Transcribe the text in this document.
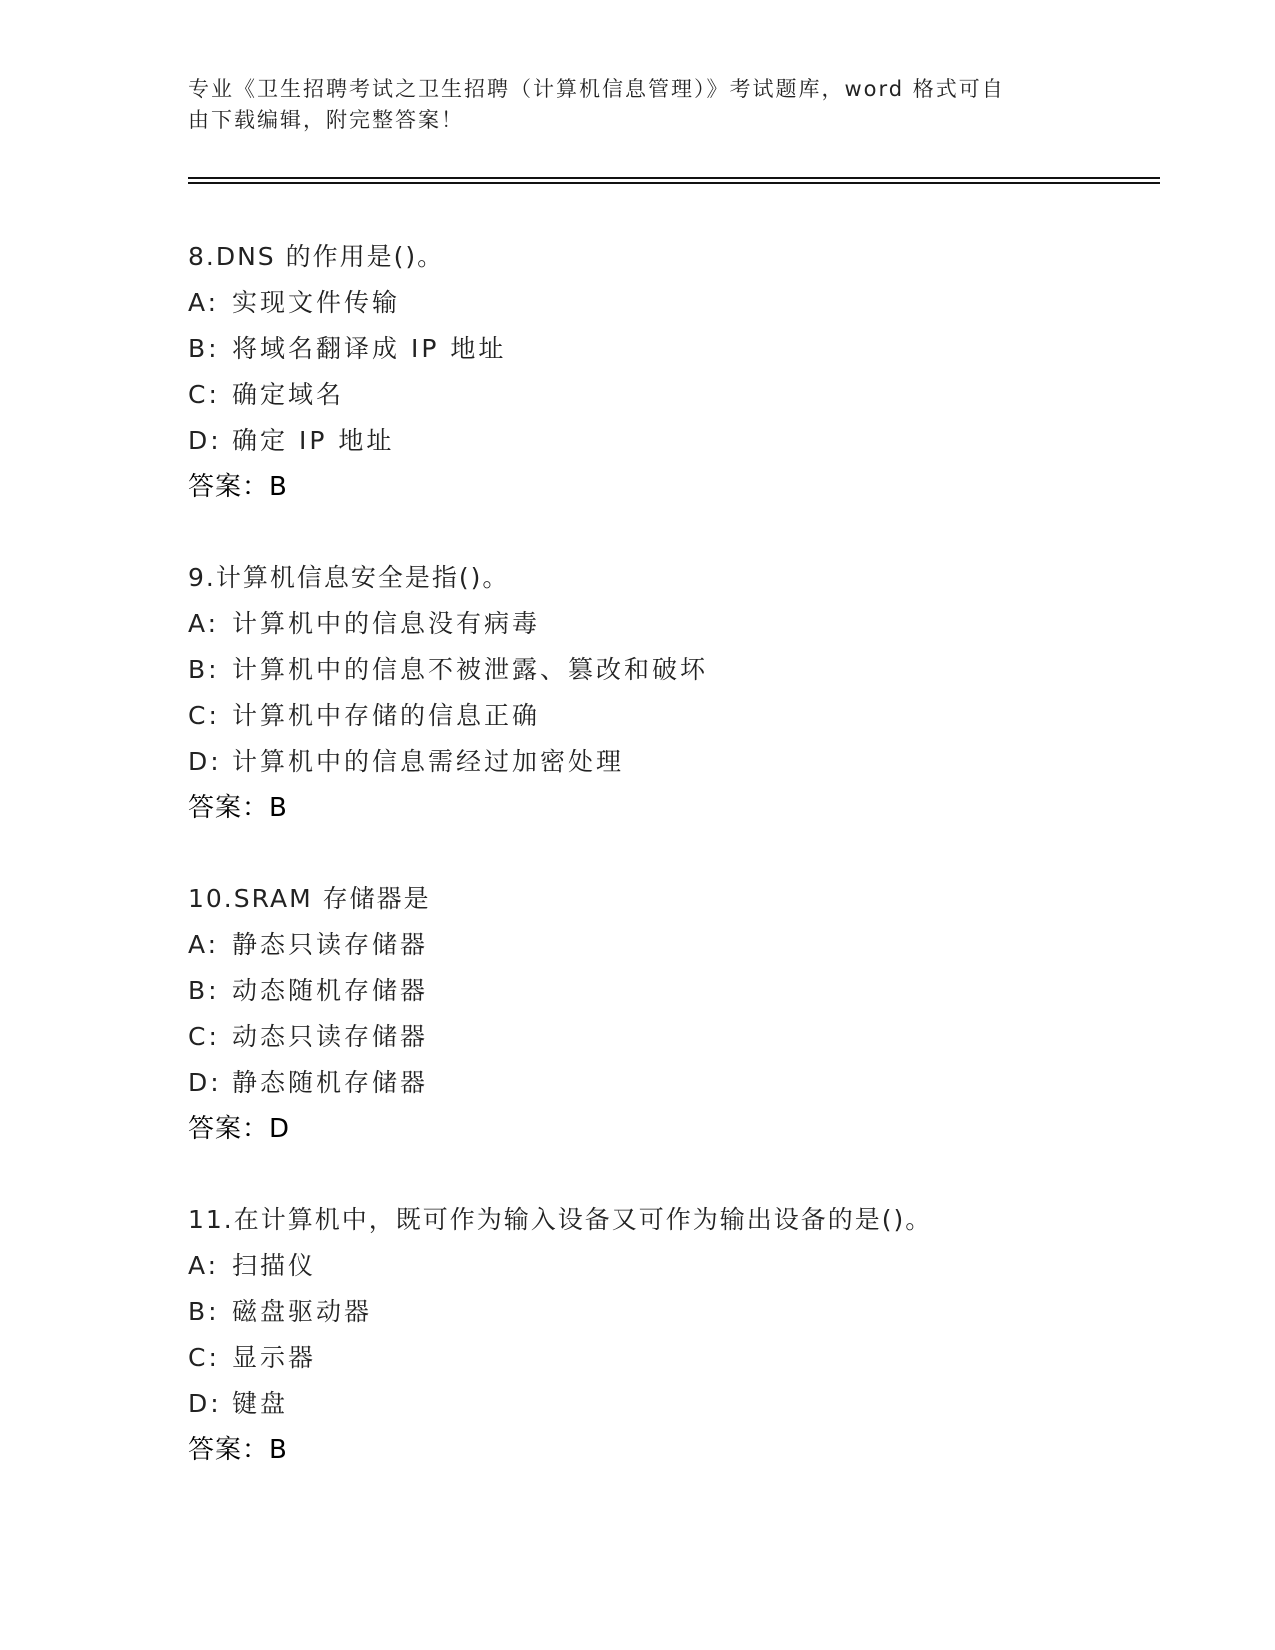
专业《卫生招聘考试之卫生招聘（计算机信息管理）》考试题库，word 格式可自
由下载编辑，附完整答案！
8.DNS 的作用是()。
A: 实现文件传输
B: 将域名翻译成 IP 地址
C: 确定域名
D: 确定 IP 地址
答案：B
9.计算机信息安全是指()。
A: 计算机中的信息没有病毒
B: 计算机中的信息不被泄露、篡改和破坏
C: 计算机中存储的信息正确
D: 计算机中的信息需经过加密处理
答案：B
10.SRAM 存储器是
A: 静态只读存储器
B: 动态随机存储器
C: 动态只读存储器
D: 静态随机存储器
答案：D
11.在计算机中，既可作为输入设备又可作为输出设备的是()。
A: 扫描仪
B: 磁盘驱动器
C: 显示器
D: 键盘
答案：B
